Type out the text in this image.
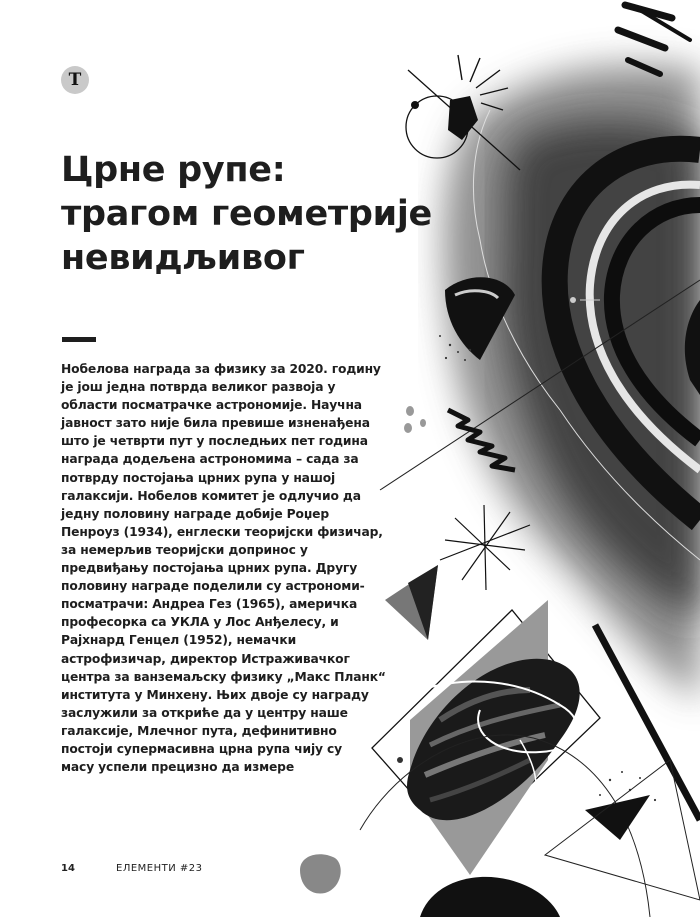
Т
Црне рупе:
трагом геометрије
невидљивог

Нобелова награда за физику за 2020. годину
је још једна потврда великог развоја у
области посматрачке астрономије. Научна
јавност зато није била превише изненађена
што је четврти пут у последњих пет година
награда додељена астрономима – сада за
потврду постојања црних рупа у нашој
галаксији. Нобелов комитет је одлучио да
једну половину награде добије Роџер
Пенроуз (1934), енглески теоријски физичар,
за немерљив теоријски допринос у
предвиђању постојања црних рупа. Другу
половину награде поделили су астрономи-
посматрачи: Андреа Гез (1965), америчка
професорка са УКЛА у Лос Анђелесу, и
Рајхнард Генцел (1952), немачки
астрофизичар, директор Истраживачког
центра за ванземаљску физику „Макс Планк“
института у Минхену. Њих двоје су награду
заслужили за откриће да у центру наше
галаксије, Млечног пута, дефинитивно
постоји супермасивна црна рупа чију су
масу успели прецизно да измере

14	ЕЛЕМЕНТИ #23
